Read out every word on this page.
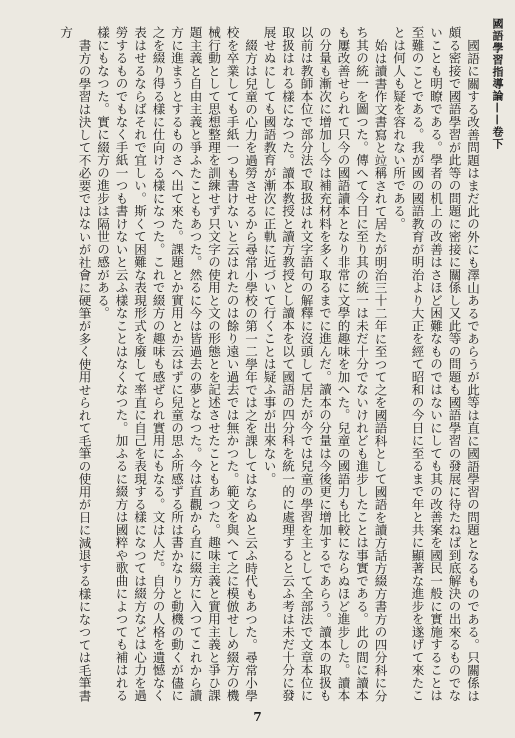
國語學習指導論——卷下

國語に關する改善問題はまだ此の外にも澤山あるであらうが此等は直に國語學習の問題となるものである。只關係は頗る密接で國語學習が此等の問題に密接に關係し又此等の問題も國語學習の發展に待たねば到底解決の出來るものでないことも明瞭である。學者の机上の改善はさほど困難なものではないにしても其の改善案を國民一般に實施することは至難のことである。我が國の國語教育が明治より大正を經て昭和の今日に至るまで年と共に顯著な進步を遂げて來たことは何人も疑を容れない所である。

始は讀書作文書寫と竝稱されて居たが明治三十二年に至つて之を國語科として國語を讀方話方綴方書方の四分科に分ち其の統一を圖つた。傳へて今日に至り其の統一は未だ十分でないけれども進步したことは事實である。此の間に讀本も屢改善せられて只今の國語讀本となり非常に文學的趣味を加へた。兒童の國語力も比較にならぬほど進步した。讀本の分量も漸次に增加し今は補充材料を多く取るまでに進んだ。讀本の分量は今後更に增加するであらう。讀本の取扱も以前は教師本位で部分法で取扱はれ文字語句の解釋に沒頭して居たが今では兒童の學習を主として全部法で文章本位に取扱はれる樣になつた。讀本教授と讀方教授とし讀本を以て國語の四分科を統一的に處理すると云ふ考は未だ十分に發展せぬにしても國語教育が漸次に正軌に近づいて行くことは疑ふ事が出來ない。

綴方は兒童の心力を過勞させるから尋常小學校の第一二學年では之を課してはならぬと云ふ時代もあつた。尋常小學校を卒業しても手紙一つも書けないと云はれたのは餘り遠い過去では無かつた。範文を與へて之に模倣せしめ綴方の機械行動として思想整理を訓練せず只文字の使用と文の形態とを記述させたこともあつた。趣味主義と實用主義と爭ひ課題主義と自由主義と爭ふたこともあつた。然るに今は皆過去の夢となつた。今は直觀から直に綴方に入つてこれから讀方に進まうとするものさへ出て來た。課題とか實用とか云はずに兒童の思ふ所感ずる所は書かなりと動機の動くが儘に之を綴り得る樣に仕向ける樣になつた。これで綴方の趣味も感ぜられ實用にもなる。文は人だ。自分の人格を遺憾なく表はせるならばそれで宜しい。斯くて困難な表現形式を廢して率直に自己を表現する樣になつては綴方などは心力を過勞するものでもなく手紙一つも書けないと云ふ樣なことはなくなつた。加ふるに綴方は國粹や歌曲によつても補はれる樣にもなつた。實に綴方の進步は隔世の感がある。

書方の學習は決して不必要ではないが社會に硬筆が多く使用せられて毛筆の使用が日に減退する樣になつては毛筆書方

7
